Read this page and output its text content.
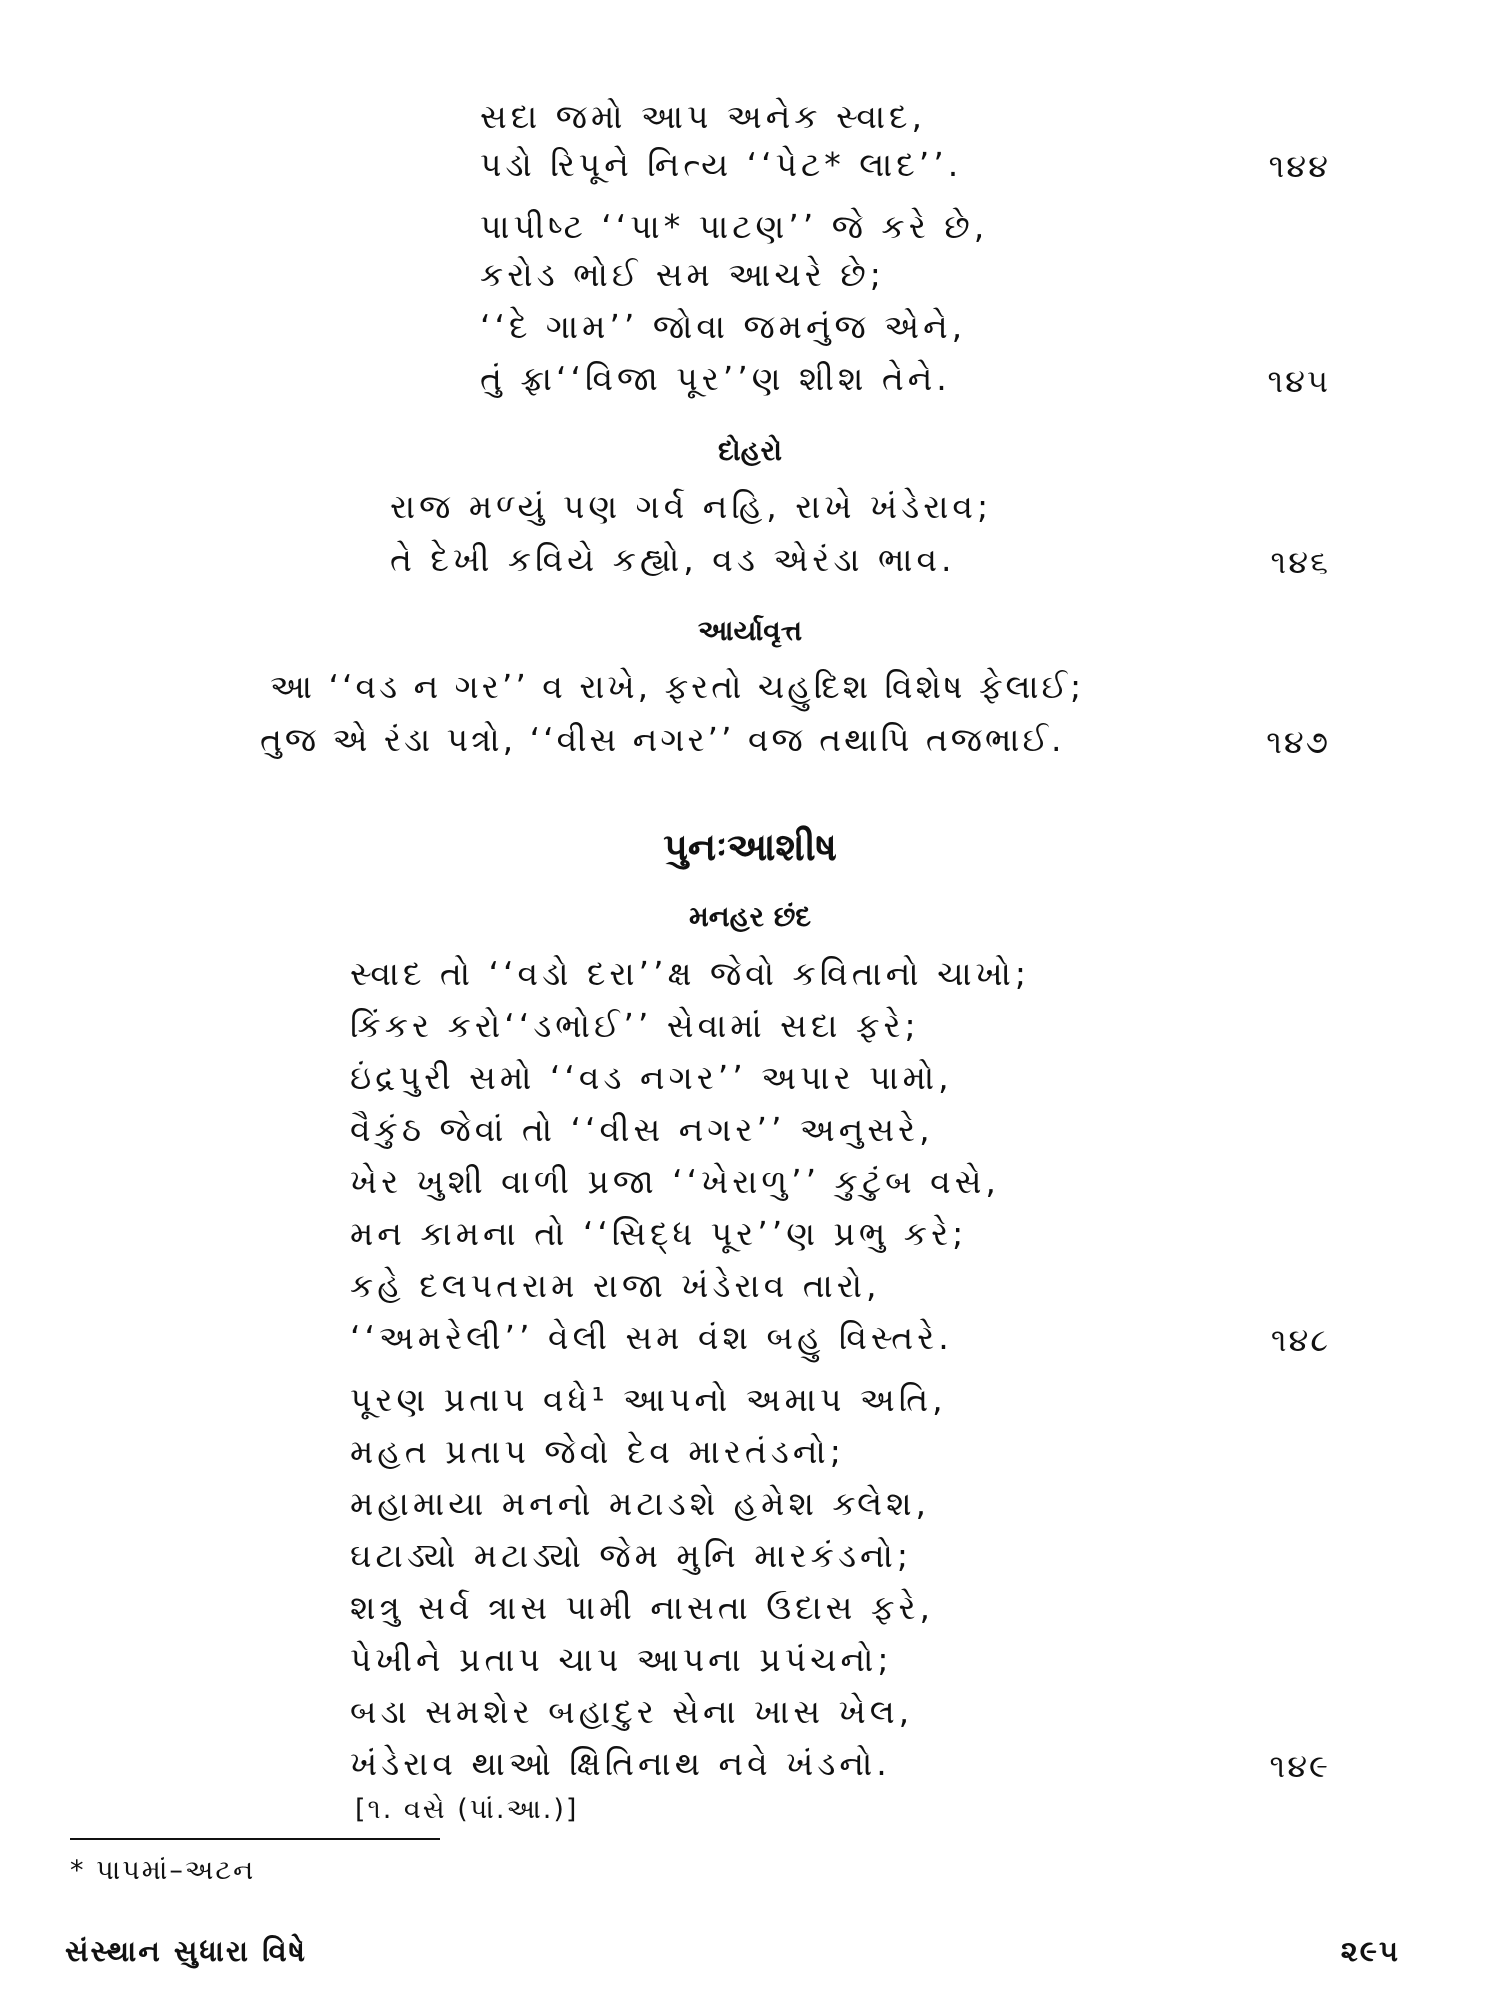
સદા જમો આપ અનેક સ્વાદ,
પડો રિપૂને નિત્ય ‘‘પેટ* લાદ’’.	૧૪૪
પાપીષ્ટ ‘‘પા* પાટણ’’ જે કરે છે,
કરોડ ભોઈ સમ આચરે છે;
‘‘દે ગામ’’ જોવા જમનુંજ એને,
તું ફ્રા‘‘વિજા પૂર’’ણ શીશ તેને.	૧૪૫
દોહરો
રાજ મળ્યું પણ ગર્વ નહિ, રાખે ખંડેરાવ;
તે દેખી કવિયે કહ્યો, વડ એરંડા ભાવ.	૧૪૬
આર્યાવૃત્ત
આ ‘‘વડ ન ગર’’ વ રાખે, ફરતો ચહુદિશ વિશેષ ફેલાઈ;
તુજ એ રંડા પત્રો, ‘‘વીસ નગર’’ વજ તથાપિ તજભાઈ.	૧૪૭
પુનઃઆશીષ
મનહર છંદ
સ્વાદ તો ‘‘વડો દરા’’ક્ષ જેવો કવિતાનો ચાખો;
કિંકર કરો‘‘ડભોઈ’’ સેવામાં સદા ફરે;
ઇંદ્રપુરી સમો ‘‘વડ નગર’’ અપાર પામો,
વૈકુંઠ જેવાં તો ‘‘વીસ નગર’’ અનુસરે,
ખેર ખુશી વાળી પ્રજા ‘‘ખેરાળુ’’ કુટુંબ વસે,
મન કામના તો ‘‘સિદ્ધ પૂર’’ણ પ્રભુ કરે;
કહે દલપતરામ રાજા ખંડેરાવ તારો,
‘‘અમરેલી’’ વેલી સમ વંશ બહુ વિસ્તરે.	૧૪૮
પૂરણ પ્રતાપ વધે¹ આપનો અમાપ અતિ,
મહત પ્રતાપ જેવો દેવ મારતંડનો;
મહામાયા મનનો મટાડશે હમેશ ક્લેશ,
ઘટાડ્યો મટાડ્યો જેમ મુનિ મારકંડનો;
શત્રુ સર્વ ત્રાસ પામી નાસતા ઉદાસ ફરે,
પેખીને પ્રતાપ ચાપ આપના પ્રપંચનો;
બડા સમશેર બહાદુર સેના ખાસ ખેલ,
ખંડેરાવ થાઓ ક્ષિતિનાથ નવે ખંડનો.	૧૪૯
[૧. વસે (પાં.આ.)]
* પાપમાં–અટન
સંસ્થાન સુધારા વિષે	૨૯૫
